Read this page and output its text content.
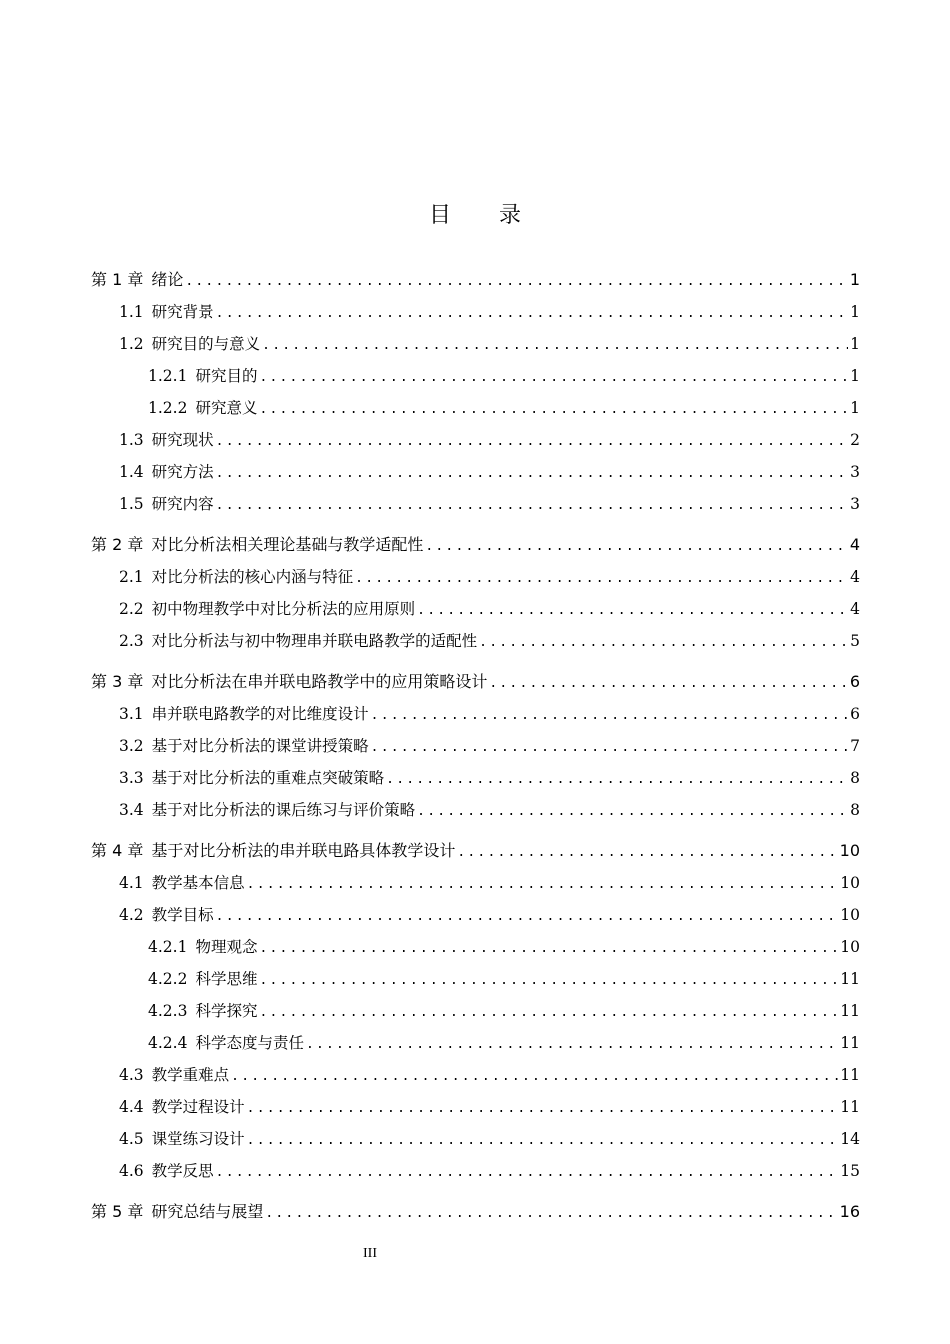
目 录
第 1 章 绪论 .....	1
1.1 研究背景 .....	1
1.2 研究目的与意义 .....	1
1.2.1 研究目的 .....	1
1.2.2 研究意义 .....	1
1.3 研究现状 .....	2
1.4 研究方法 .....	3
1.5 研究内容 .....	3
第 2 章 对比分析法相关理论基础与教学适配性 .....	4
2.1 对比分析法的核心内涵与特征 .....	4
2.2 初中物理教学中对比分析法的应用原则 .....	4
2.3 对比分析法与初中物理串并联电路教学的适配性 .....	5
第 3 章 对比分析法在串并联电路教学中的应用策略设计 .....	6
3.1 串并联电路教学的对比维度设计 .....	6
3.2 基于对比分析法的课堂讲授策略 .....	7
3.3 基于对比分析法的重难点突破策略 .....	8
3.4 基于对比分析法的课后练习与评价策略 .....	8
第 4 章 基于对比分析法的串并联电路具体教学设计 .....	10
4.1 教学基本信息 .....	10
4.2 教学目标 .....	10
4.2.1 物理观念 .....	10
4.2.2 科学思维 .....	11
4.2.3 科学探究 .....	11
4.2.4 科学态度与责任 .....	11
4.3 教学重难点 .....	11
4.4 教学过程设计 .....	11
4.5 课堂练习设计 .....	14
4.6 教学反思 .....	15
第 5 章 研究总结与展望 .....	16
III
